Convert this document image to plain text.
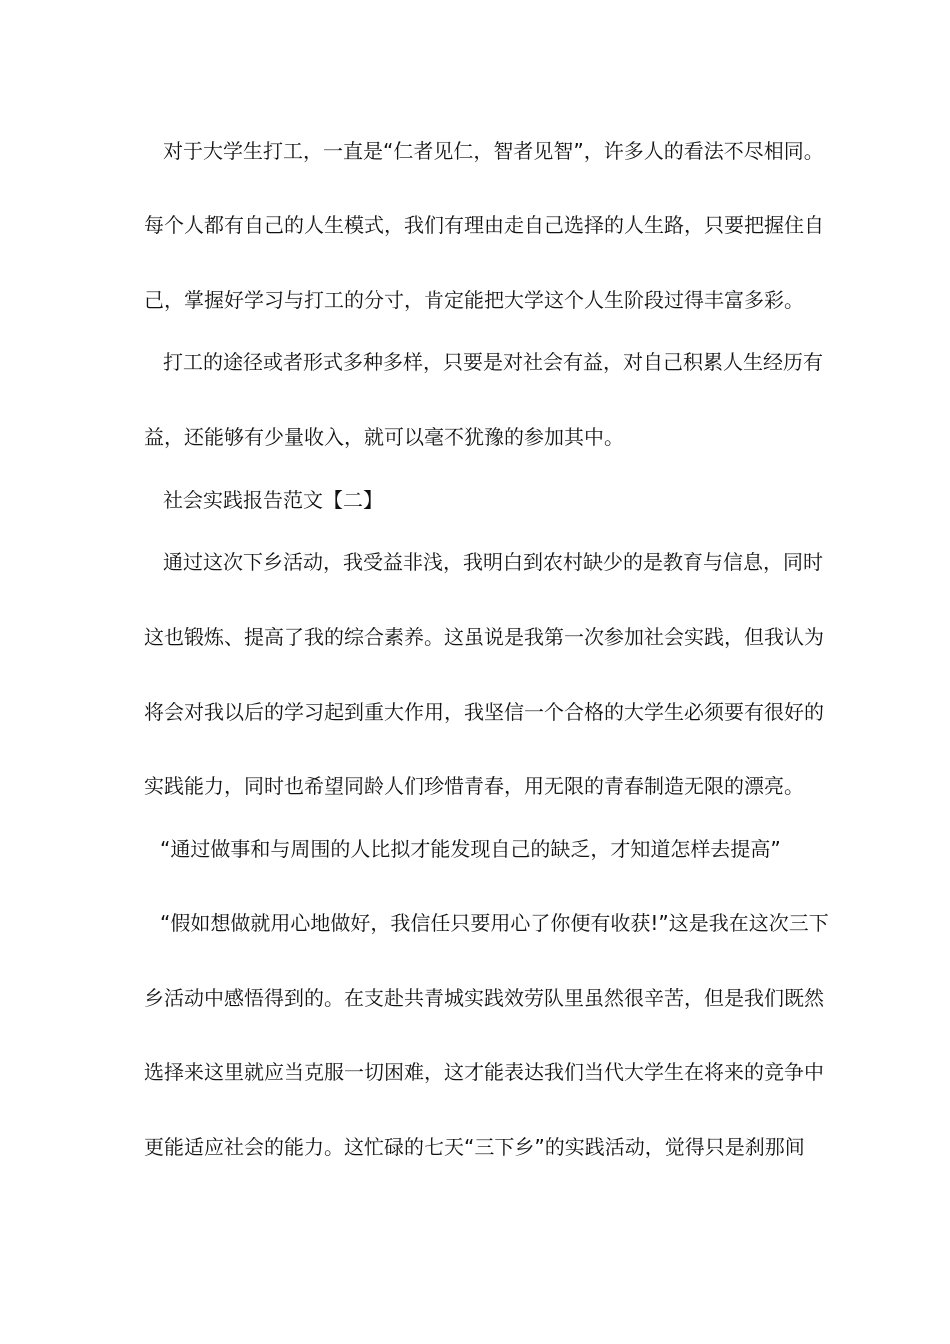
对于大学生打工，一直是“仁者见仁，智者见智”，许多人的看法不尽相同。
每个人都有自己的人生模式，我们有理由走自己选择的人生路，只要把握住自
己，掌握好学习与打工的分寸，肯定能把大学这个人生阶段过得丰富多彩。
打工的途径或者形式多种多样，只要是对社会有益，对自己积累人生经历有
益，还能够有少量收入，就可以毫不犹豫的参加其中。
社会实践报告范文【二】
通过这次下乡活动，我受益非浅，我明白到农村缺少的是教育与信息，同时
这也锻炼、提高了我的综合素养。这虽说是我第一次参加社会实践，但我认为
将会对我以后的学习起到重大作用，我坚信一个合格的大学生必须要有很好的
实践能力，同时也希望同龄人们珍惜青春，用无限的青春制造无限的漂亮。
“通过做事和与周围的人比拟才能发现自己的缺乏，才知道怎样去提高”
“假如想做就用心地做好，我信任只要用心了你便有收获!”这是我在这次三下
乡活动中感悟得到的。在支赴共青城实践效劳队里虽然很辛苦，但是我们既然
选择来这里就应当克服一切困难，这才能表达我们当代大学生在将来的竞争中
更能适应社会的能力。这忙碌的七天“三下乡”的实践活动，觉得只是刹那间
